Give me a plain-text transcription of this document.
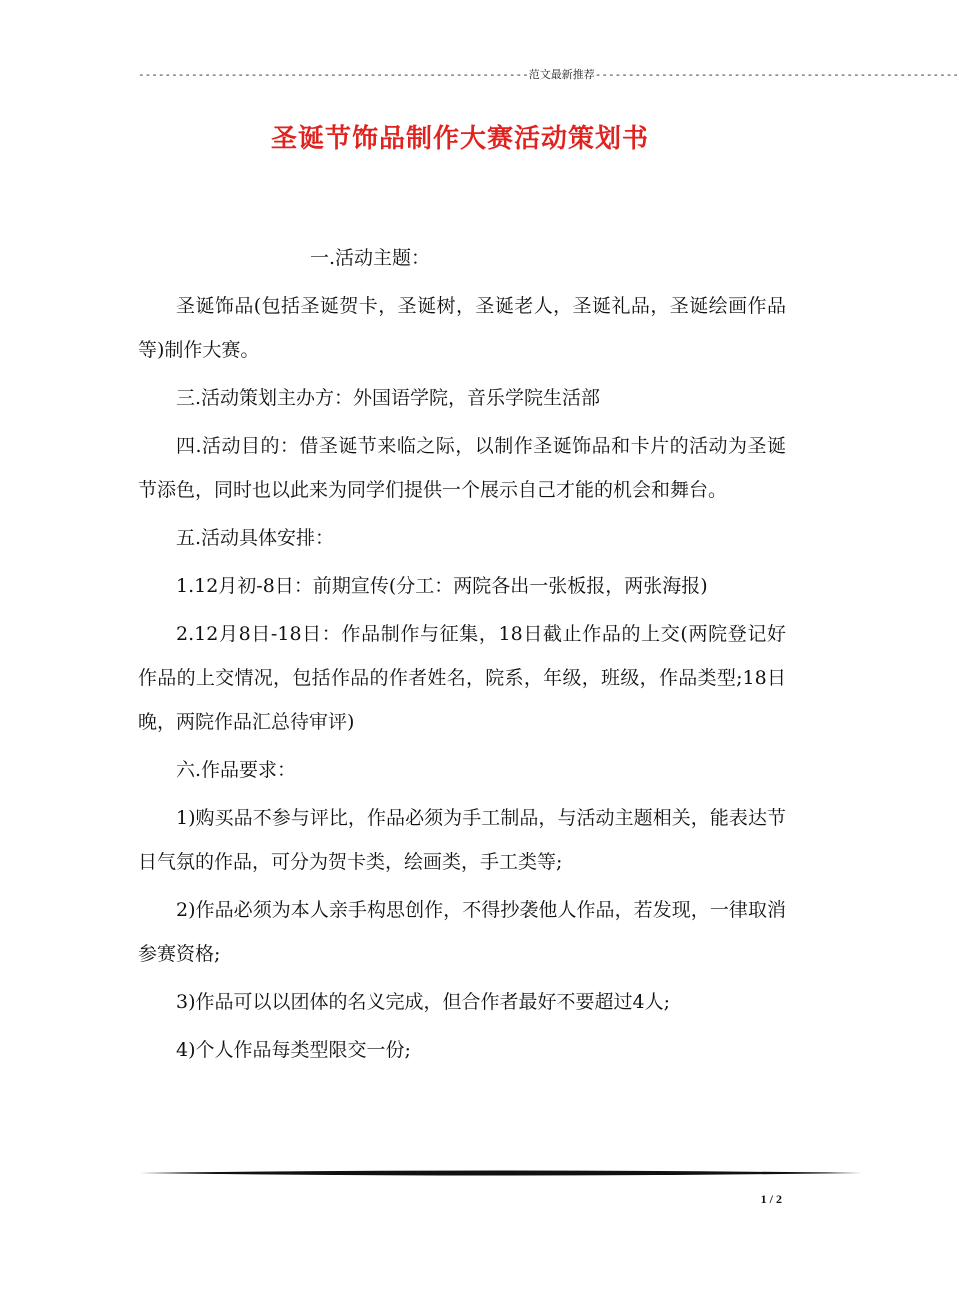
-----------------------------------------------------------范文最新推荐-------------------------------------------------------
圣诞节饰品制作大赛活动策划书

一.活动主题：

圣诞饰品(包括圣诞贺卡，圣诞树，圣诞老人，圣诞礼品，圣诞绘画作品等)制作大赛。

三.活动策划主办方：外国语学院，音乐学院生活部

四.活动目的：借圣诞节来临之际，以制作圣诞饰品和卡片的活动为圣诞节添色，同时也以此来为同学们提供一个展示自己才能的机会和舞台。

五.活动具体安排：

1.12月初-8日：前期宣传(分工：两院各出一张板报，两张海报)

2.12月8日-18日：作品制作与征集，18日截止作品的上交(两院登记好作品的上交情况，包括作品的作者姓名，院系，年级，班级，作品类型;18日晚，两院作品汇总待审评)

六.作品要求：

1)购买品不参与评比，作品必须为手工制品，与活动主题相关，能表达节日气氛的作品，可分为贺卡类，绘画类，手工类等;

2)作品必须为本人亲手构思创作，不得抄袭他人作品，若发现，一律取消参赛资格;

3)作品可以以团体的名义完成，但合作者最好不要超过4人;

4)个人作品每类型限交一份;

1 / 2
